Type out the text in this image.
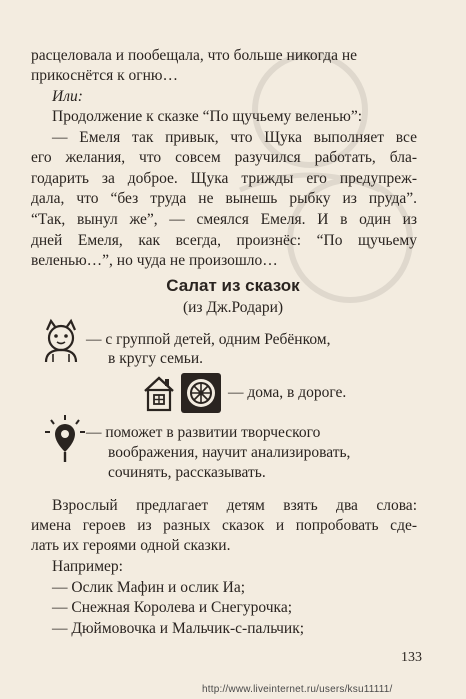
расцеловала и пообещала, что больше никогда не
прикоснётся к огню…
Или:
Продолжение к сказке “По щучьему веленью”:
— Емеля так привык, что Щука выполняет все
его желания, что совсем разучился работать, бла-
годарить за доброе. Щука трижды его предупреж-
дала, что “без труда не вынешь рыбку из пруда”.
“Так, вынул же”, — смеялся Емеля. И в один из
дней Емеля, как всегда, произнёс: “По щучьему
веленью…”, но чуда не произошло…
Салат из сказок
(из Дж.Родари)
— с группой детей, одним Ребёнком,
в кругу семьи.
— дома, в дороге.
— поможет в развитии творческого
воображения, научит анализировать,
сочинять, рассказывать.
Взрослый предлагает детям взять два слова:
имена героев из разных сказок и попробовать сде-
лать их героями одной сказки.
Например:
— Ослик Мафин и ослик Иа;
— Снежная Королева и Снегурочка;
— Дюймовочка и Мальчик-с-пальчик;
133
http://www.liveinternet.ru/users/ksu11111/
